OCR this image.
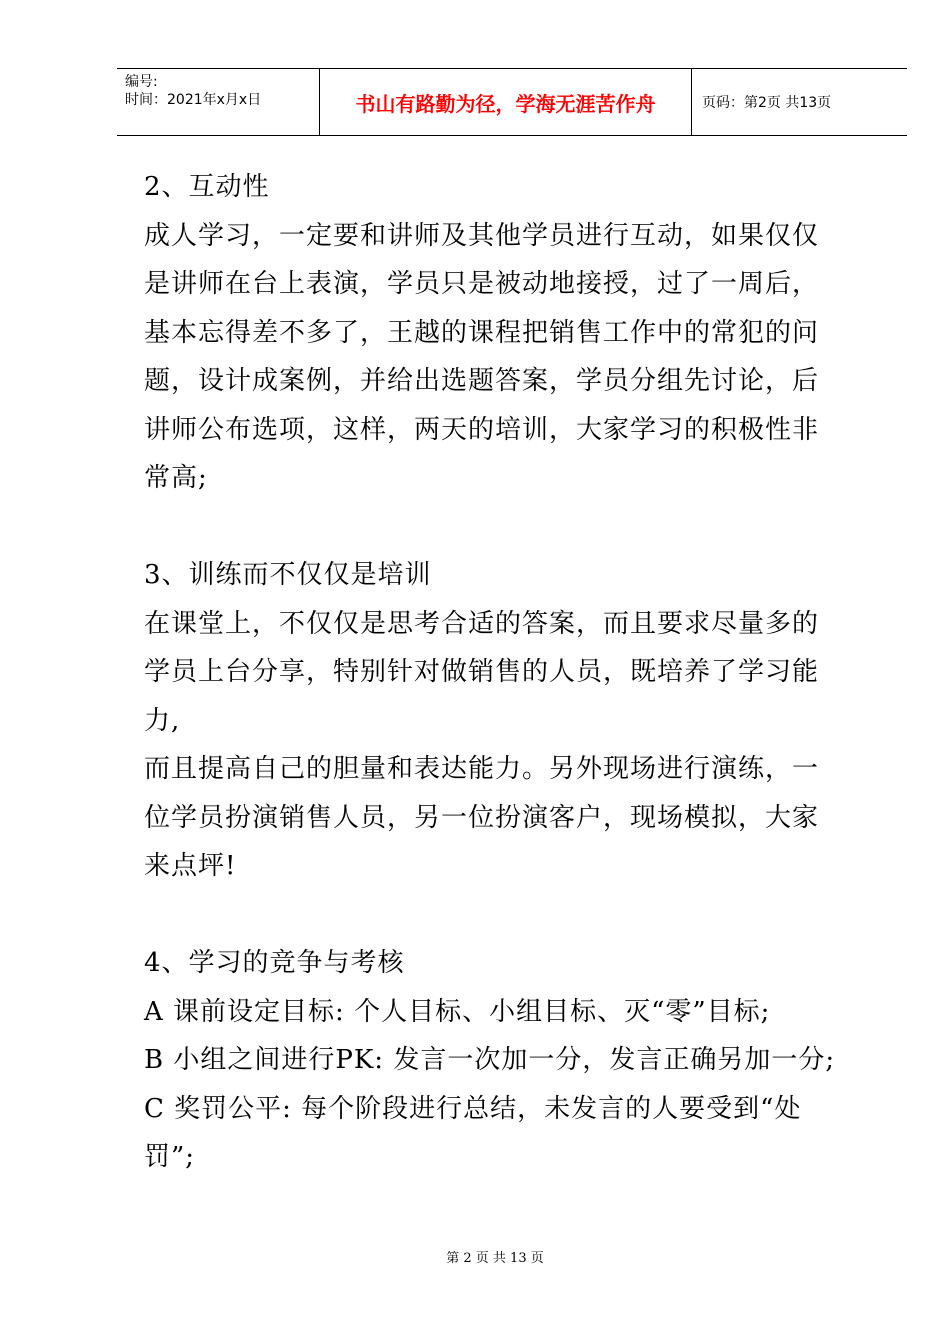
编号:
时间：2021年x月x日	书山有路勤为径，学海无涯苦作舟	页码：第2页 共13页
2、互动性
成人学习，一定要和讲师及其他学员进行互动，如果仅仅
是讲师在台上表演，学员只是被动地接授，过了一周后，
基本忘得差不多了，王越的课程把销售工作中的常犯的问
题，设计成案例，并给出选题答案，学员分组先讨论，后
讲师公布选项，这样，两天的培训，大家学习的积极性非
常高;
3、训练而不仅仅是培训
在课堂上，不仅仅是思考合适的答案，而且要求尽量多的
学员上台分享，特别针对做销售的人员，既培养了学习能
力,
而且提高自己的胆量和表达能力。另外现场进行演练，一
位学员扮演销售人员，另一位扮演客户，现场模拟，大家
来点坪!
4、学习的竞争与考核
A 课前设定目标: 个人目标、小组目标、灭“零”目标;
B 小组之间进行PK: 发言一次加一分，发言正确另加一分;
C 奖罚公平: 每个阶段进行总结，未发言的人要受到“处
罚”;
第 2 页 共 13 页
